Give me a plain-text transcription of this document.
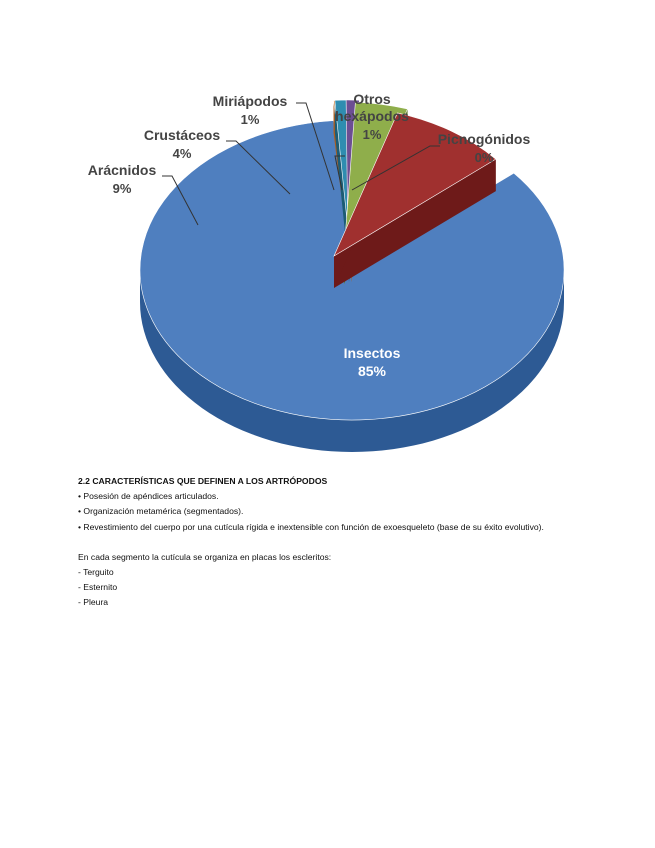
Insectos
85%
Arácnidos
9%
Crustáceos
4%
Miriápodos
1%
Otros
hexápodos
1%	Picnogónidos
0%

2.2 CARACTERÍSTICAS QUE DEFINEN A LOS ARTRÓPODOS

• Posesión de apéndices articulados.

• Organización metamérica (segmentados).

• Revestimiento del cuerpo por una cutícula rígida e inextensible con función de exoesqueleto (base de su éxito evolutivo).

En cada segmento la cutícula se organiza en placas los escleritos:

- Terguito

- Esternito

- Pleura
